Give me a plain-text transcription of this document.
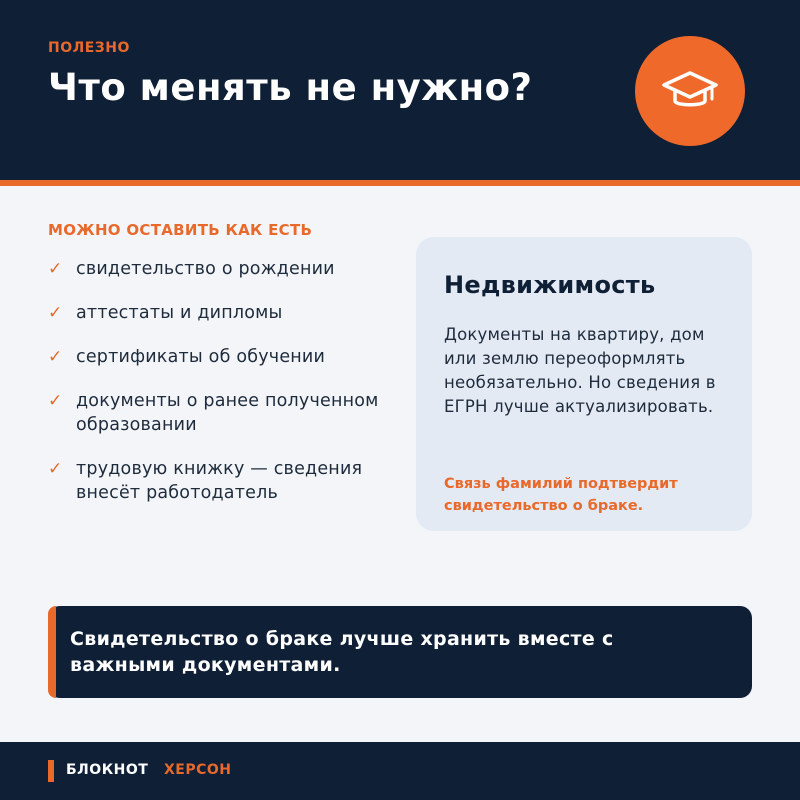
ПОЛЕЗНО
Что менять не нужно?
МОЖНО ОСТАВИТЬ КАК ЕСТЬ
✓ свидетельство о рождении
✓ аттестаты и дипломы
✓ сертификаты об обучении
✓ документы о ранее полученном образовании
✓ трудовую книжку — сведения внесёт работодатель
Недвижимость
Документы на квартиру, дом или землю переоформлять необязательно. Но сведения в ЕГРН лучше актуализировать.
Связь фамилий подтвердит свидетельство о браке.
Свидетельство о браке лучше хранить вместе с важными документами.
БЛОКНОТ ХЕРСОН
